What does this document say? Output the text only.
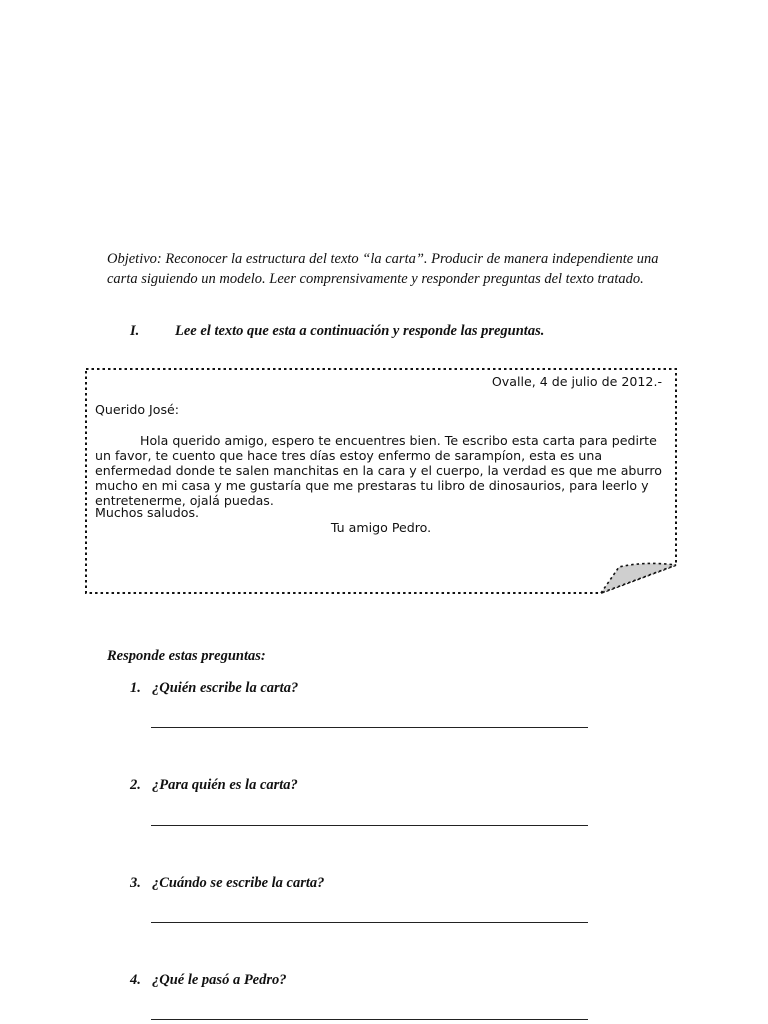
Objetivo: Reconocer la estructura del texto “la carta”. Producir de manera independiente una carta siguiendo un modelo. Leer comprensivamente y responder preguntas del texto tratado.
I.	Lee el texto que esta a continuación y responde las preguntas.
Ovalle, 4 de julio de 2012.-
Querido José:
Hola querido amigo, espero te encuentres bien. Te escribo esta carta para pedirte un favor, te cuento que hace tres días estoy enfermo de sarampíon, esta es una enfermedad donde te salen manchitas en la cara y el cuerpo, la verdad es que me aburro mucho en mi casa y me gustaría que me prestaras tu libro de dinosaurios, para leerlo y entretenerme, ojalá puedas.
Muchos saludos.
Tu amigo Pedro.
Responde estas preguntas:
1. ¿Quién escribe la carta?
2. ¿Para quién es la carta?
3. ¿Cuándo se escribe la carta?
4. ¿Qué le pasó a Pedro?
